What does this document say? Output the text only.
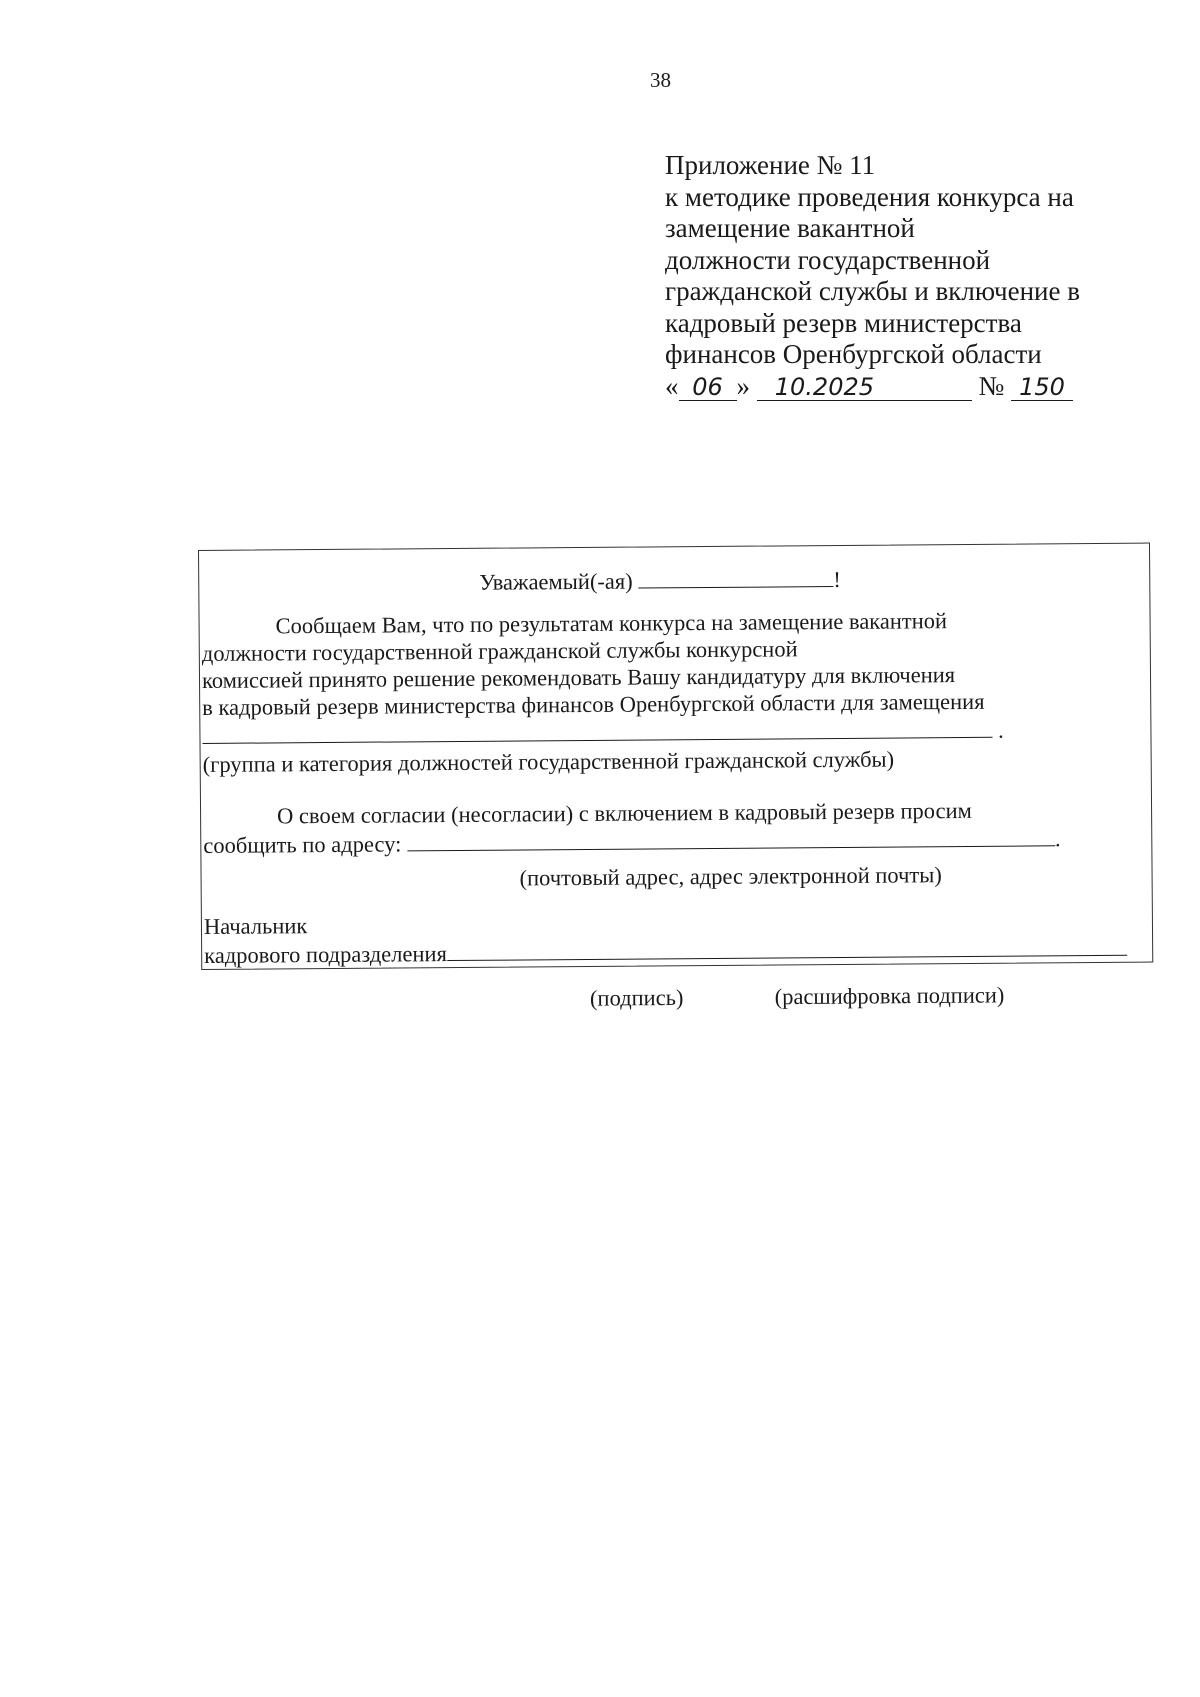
38
Приложение № 11
к методике проведения конкурса на
замещение вакантной
должности государственной
гражданской службы и включение в
кадровый резерв министерства
финансов Оренбургской области
« 06 » 10.2025	№ 150
Уважаемый(-ая)	!
Сообщаем Вам, что по результатам конкурса на замещение вакантной
должности государственной гражданской службы конкурсной
комиссией принято решение рекомендовать Вашу кандидатуру для включения
в кадровый резерв министерства финансов Оренбургской области для замещения
.
(группа и категория должностей государственной гражданской службы)
О своем согласии (несогласии) с включением в кадровый резерв просим
сообщить по адресу:	.
(почтовый адрес, адрес электронной почты)
Начальник
кадрового подразделения
(подпись)	(расшифровка подписи)
